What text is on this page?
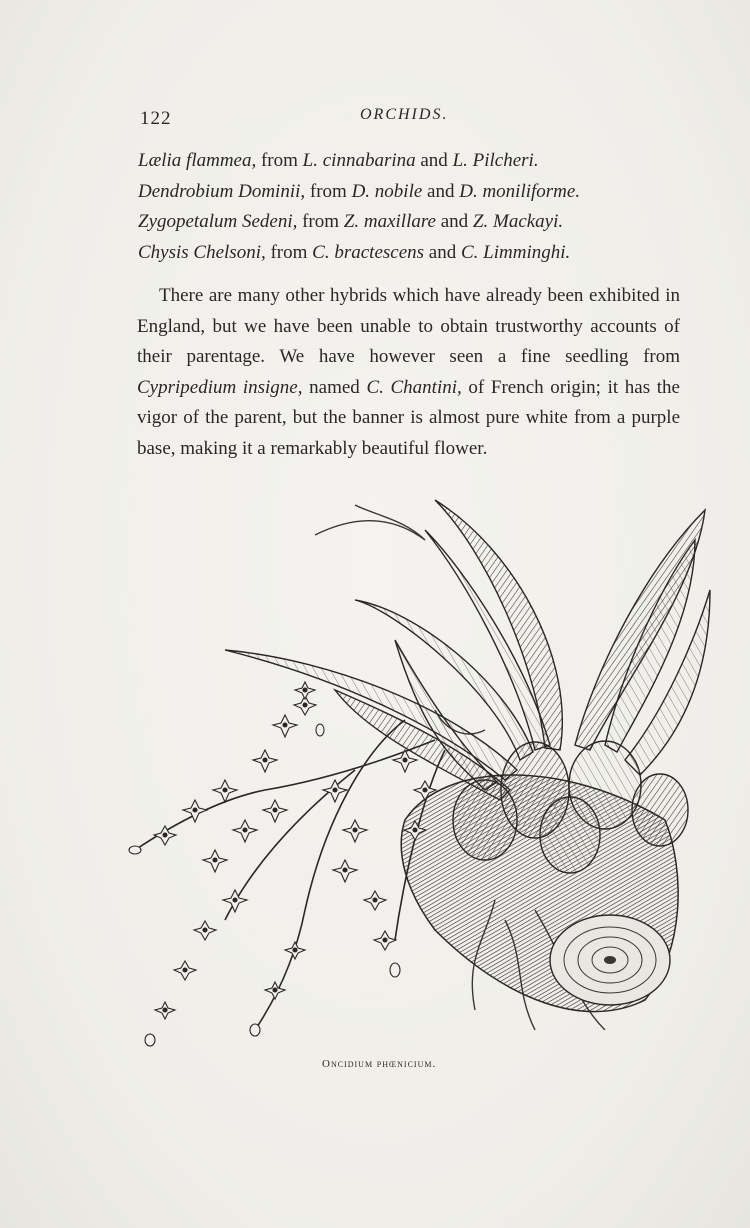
122	ORCHIDS.
Lælia flammea, from L. cinnabarina and L. Pilcheri.
Dendrobium Dominii, from D. nobile and D. moniliforme.
Zygopetalum Sedeni, from Z. maxillare and Z. Mackayi.
Chysis Chelsoni, from C. bractescens and C. Limminghi.
There are many other hybrids which have already been exhibited in England, but we have been unable to obtain trustworthy accounts of their parentage. We have however seen a fine seedling from Cypripedium insigne, named C. Chantini, of French origin; it has the vigor of the parent, but the banner is almost pure white from a purple base, making it a remarkably beautiful flower.
Oncidium phœnicium.
